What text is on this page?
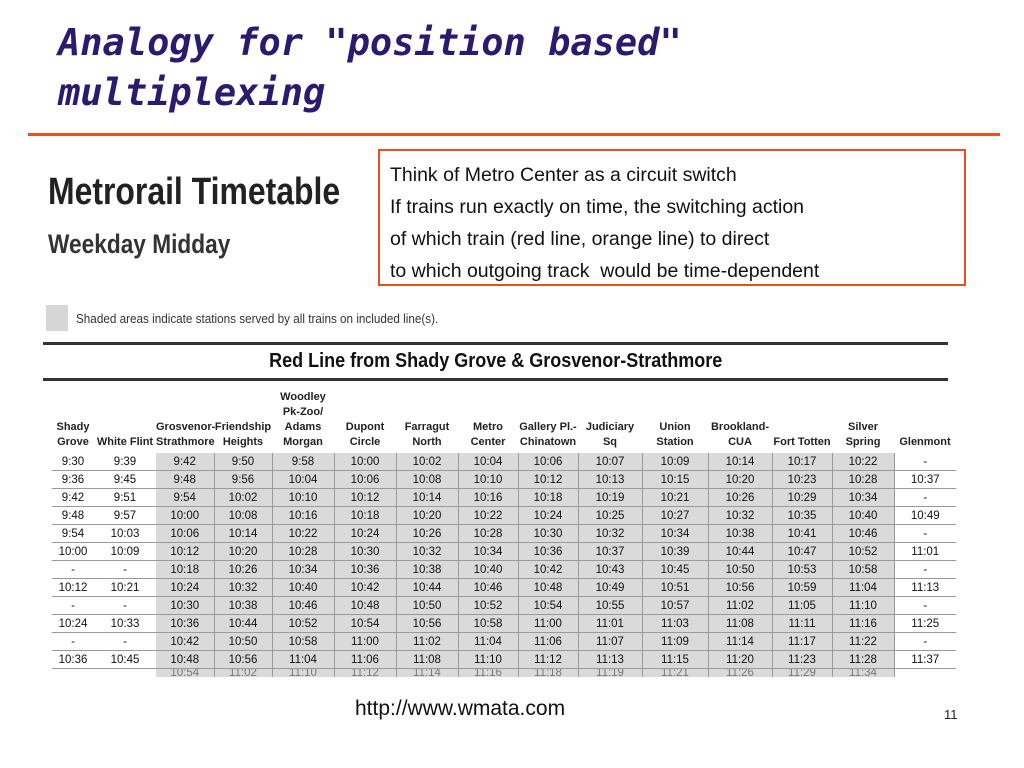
Analogy for "position based" multiplexing
Metrorail Timetable
Weekday Midday
Think of Metro Center as a circuit switch
If trains run exactly on time, the switching action
of which train (red line, orange line) to direct
to which outgoing track  would be time-dependent
Shaded areas indicate stations served by all trains on included line(s).
Red Line from Shady Grove & Grosvenor-Strathmore
Shady Grove	White Flint	Grosvenor-Strathmore	Friendship Heights	Woodley Pk-Zoo/ Adams Morgan	Dupont Circle	Farragut North	Metro Center	Gallery Pl.- Chinatown	Judiciary Sq	Union Station	Brookland-CUA	Fort Totten	Silver Spring	Glenmont
9:30	9:39	9:42	9:50	9:58	10:00	10:02	10:04	10:06	10:07	10:09	10:14	10:17	10:22	-
9:36	9:45	9:48	9:56	10:04	10:06	10:08	10:10	10:12	10:13	10:15	10:20	10:23	10:28	10:37
9:42	9:51	9:54	10:02	10:10	10:12	10:14	10:16	10:18	10:19	10:21	10:26	10:29	10:34	-
9:48	9:57	10:00	10:08	10:16	10:18	10:20	10:22	10:24	10:25	10:27	10:32	10:35	10:40	10:49
9:54	10:03	10:06	10:14	10:22	10:24	10:26	10:28	10:30	10:32	10:34	10:38	10:41	10:46	-
10:00	10:09	10:12	10:20	10:28	10:30	10:32	10:34	10:36	10:37	10:39	10:44	10:47	10:52	11:01
-	-	10:18	10:26	10:34	10:36	10:38	10:40	10:42	10:43	10:45	10:50	10:53	10:58	-
10:12	10:21	10:24	10:32	10:40	10:42	10:44	10:46	10:48	10:49	10:51	10:56	10:59	11:04	11:13
-	-	10:30	10:38	10:46	10:48	10:50	10:52	10:54	10:55	10:57	11:02	11:05	11:10	-
10:24	10:33	10:36	10:44	10:52	10:54	10:56	10:58	11:00	11:01	11:03	11:08	11:11	11:16	11:25
-	-	10:42	10:50	10:58	11:00	11:02	11:04	11:06	11:07	11:09	11:14	11:17	11:22	-
10:36	10:45	10:48	10:56	11:04	11:06	11:08	11:10	11:12	11:13	11:15	11:20	11:23	11:28	11:37
		10:54	11:02	11:10	11:12	11:14	11:16	11:18	11:19	11:21	11:26	11:29	11:34	
http://www.wmata.com	11
